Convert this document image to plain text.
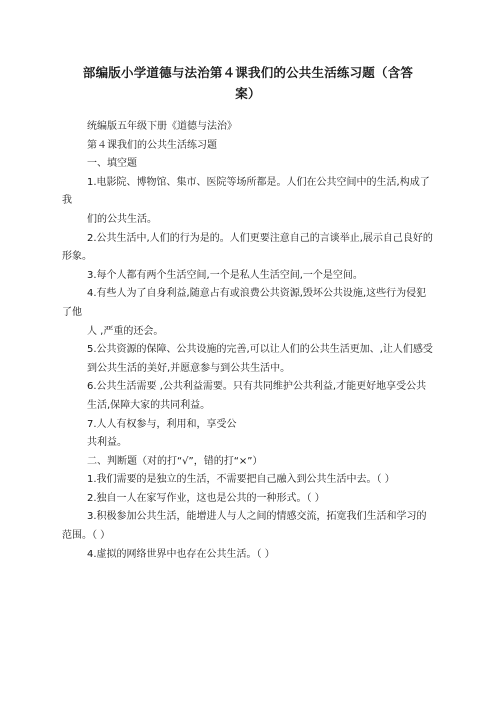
部编版小学道德与法治第４课我们的公共生活练习题（含答
案）

统编版五年级下册《道德与法治》

第４课我们的公共生活练习题

一、填空题

1.电影院、博物馆、集市、医院等场所都是。人们在公共空间中的生活,构成了我

们的公共生活。

2.公共生活中,人们的行为是的。人们更要注意自己的言谈举止,展示自己良好的形象。

3.每个人都有两个生活空间,一个是私人生活空间,一个是空间。

4.有些人为了自身利益,随意占有或浪费公共资源,毁坏公共设施,这些行为侵犯了他

人 ,严重的还会。

5.公共资源的保障、公共设施的完善,可以让人们的公共生活更加、,让人们感受

到公共生活的美好,并愿意参与到公共生活中。

6.公共生活需要 ,公共利益需要。只有共同维护公共利益,才能更好地享受公共

生活,保障大家的共同利益。

7.人人有权参与，利用和，享受公

共利益。

二、判断题（对的打“√”，错的打“×”）

1.我们需要的是独立的生活，不需要把自己融入到公共生活中去。（ ）

2.独自一人在家写作业，这也是公共的一种形式。（ ）

3.积极参加公共生活，能增进人与人之间的情感交流，拓宽我们生活和学习的范围。（ ）

4.虚拟的网络世界中也存在公共生活。（ ）
